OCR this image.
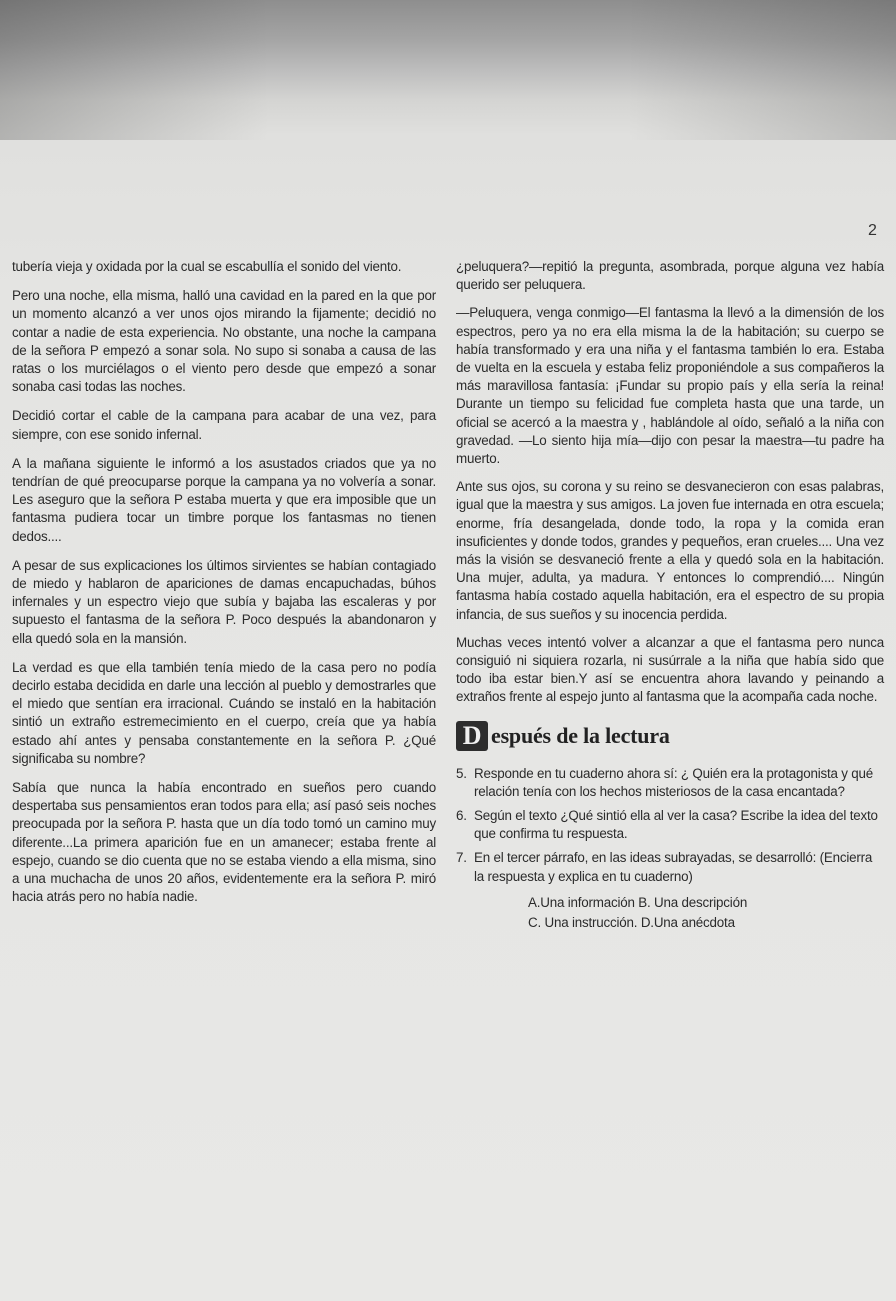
2

tubería vieja y oxidada por la cual se escabullía el sonido del viento.

Pero una noche, ella misma, halló una cavidad en la pared en la que por un momento alcanzó a ver unos ojos mirando la fijamente; decidió no contar a nadie de esta experiencia. No obstante, una noche la campana de la señora P empezó a sonar sola. No supo si sonaba a causa de las ratas o los murciélagos o el viento pero desde que empezó a sonar sonaba casi todas las noches.

Decidió cortar el cable de la campana para acabar de una vez, para siempre, con ese sonido infernal.

A la mañana siguiente le informó a los asustados criados que ya no tendrían de qué preocuparse porque la campana ya no volvería a sonar. Les aseguro que la señora P estaba muerta y que era imposible que un fantasma pudiera tocar un timbre porque los fantasmas no tienen dedos....

A pesar de sus explicaciones los últimos sirvientes se habían contagiado de miedo y hablaron de apariciones de damas encapuchadas, búhos infernales y un espectro viejo que subía y bajaba las escaleras y por supuesto el fantasma de la señora P. Poco después la abandonaron y ella quedó sola en la mansión.

La verdad es que ella también tenía miedo de la casa pero no podía decirlo estaba decidida en darle una lección al pueblo y demostrarles que el miedo que sentían era irracional. Cuándo se instaló en la habitación sintió un extraño estremecimiento en el cuerpo, creía que ya había estado ahí antes y pensaba constantemente en la señora P. ¿Qué significaba su nombre?

Sabía que nunca la había encontrado en sueños pero cuando despertaba sus pensamientos eran todos para ella; así pasó seis noches preocupada por la señora P. hasta que un día todo tomó un camino muy diferente...La primera aparición fue en un amanecer; estaba frente al espejo, cuando se dio cuenta que no se estaba viendo a ella misma, sino a una muchacha de unos 20 años, evidentemente era la señora P. miró hacia atrás pero no había nadie.

¿peluquera?—repitió la pregunta, asombrada, porque alguna vez había querido ser peluquera.

—Peluquera, venga conmigo—El fantasma la llevó a la dimensión de los espectros, pero ya no era ella misma la de la habitación; su cuerpo se había transformado y era una niña y el fantasma también lo era. Estaba de vuelta en la escuela y estaba feliz proponiéndole a sus compañeros la más maravillosa fantasía: ¡Fundar su propio país y ella sería la reina! Durante un tiempo su felicidad fue completa hasta que una tarde, un oficial se acercó a la maestra y , hablándole al oído, señaló a la niña con gravedad. —Lo siento hija mía—dijo con pesar la maestra—tu padre ha muerto.

Ante sus ojos, su corona y su reino se desvanecieron con esas palabras, igual que la maestra y sus amigos. La joven fue internada en otra escuela; enorme, fría desangelada, donde todo, la ropa y la comida eran insuficientes y donde todos, grandes y pequeños, eran crueles.... Una vez más la visión se desvaneció frente a ella y quedó sola en la habitación. Una mujer, adulta, ya madura. Y entonces lo comprendió.... Ningún fantasma había costado aquella habitación, era el espectro de su propia infancia, de sus sueños y su inocencia perdida.

Muchas veces intentó volver a alcanzar a que el fantasma pero nunca consiguió ni siquiera rozarla, ni susúrrale a la niña que había sido que todo iba estar bien.Y así se encuentra ahora lavando y peinando a extraños frente al espejo junto al fantasma que la acompaña cada noche.

D espués de la lectura
5. Responde en tu cuaderno ahora sí: ¿ Quién era la protagonista y qué relación tenía con los hechos misteriosos de la casa encantada?
6. Según el texto ¿Qué sintió ella al ver la casa? Escribe la idea del texto que confirma tu respuesta.
7. En el tercer párrafo, en las ideas subrayadas, se desarrolló: (Encierra la respuesta y explica en tu cuaderno)
A.Una información B. Una descripción
C. Una instrucción. D.Una anécdota
